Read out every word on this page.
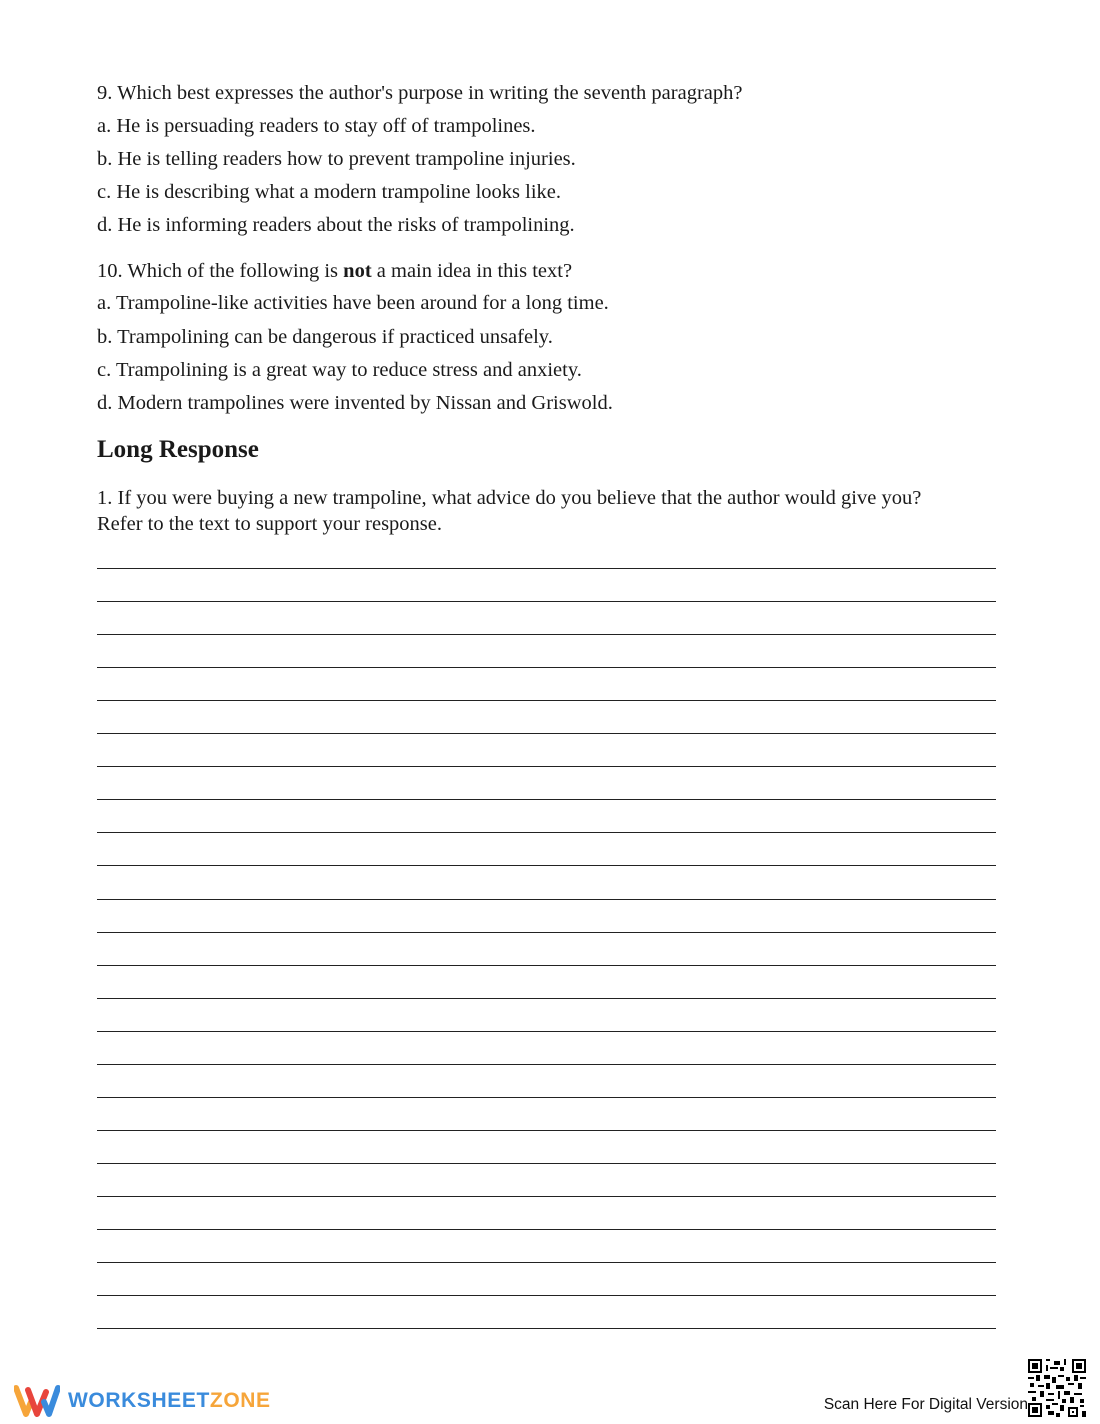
9. Which best expresses the author's purpose in writing the seventh paragraph?
a. He is persuading readers to stay off of trampolines.
b. He is telling readers how to prevent trampoline injuries.
c. He is describing what a modern trampoline looks like.
d. He is informing readers about the risks of trampolining.
10. Which of the following is not a main idea in this text?
a. Trampoline-like activities have been around for a long time.
b. Trampolining can be dangerous if practiced unsafely.
c. Trampolining is a great way to reduce stress and anxiety.
d. Modern trampolines were invented by Nissan and Griswold.
Long Response
1. If you were buying a new trampoline, what advice do you believe that the author would give you?
Refer to the text to support your response.
WORKSHEETZONE	Scan Here For Digital Version
